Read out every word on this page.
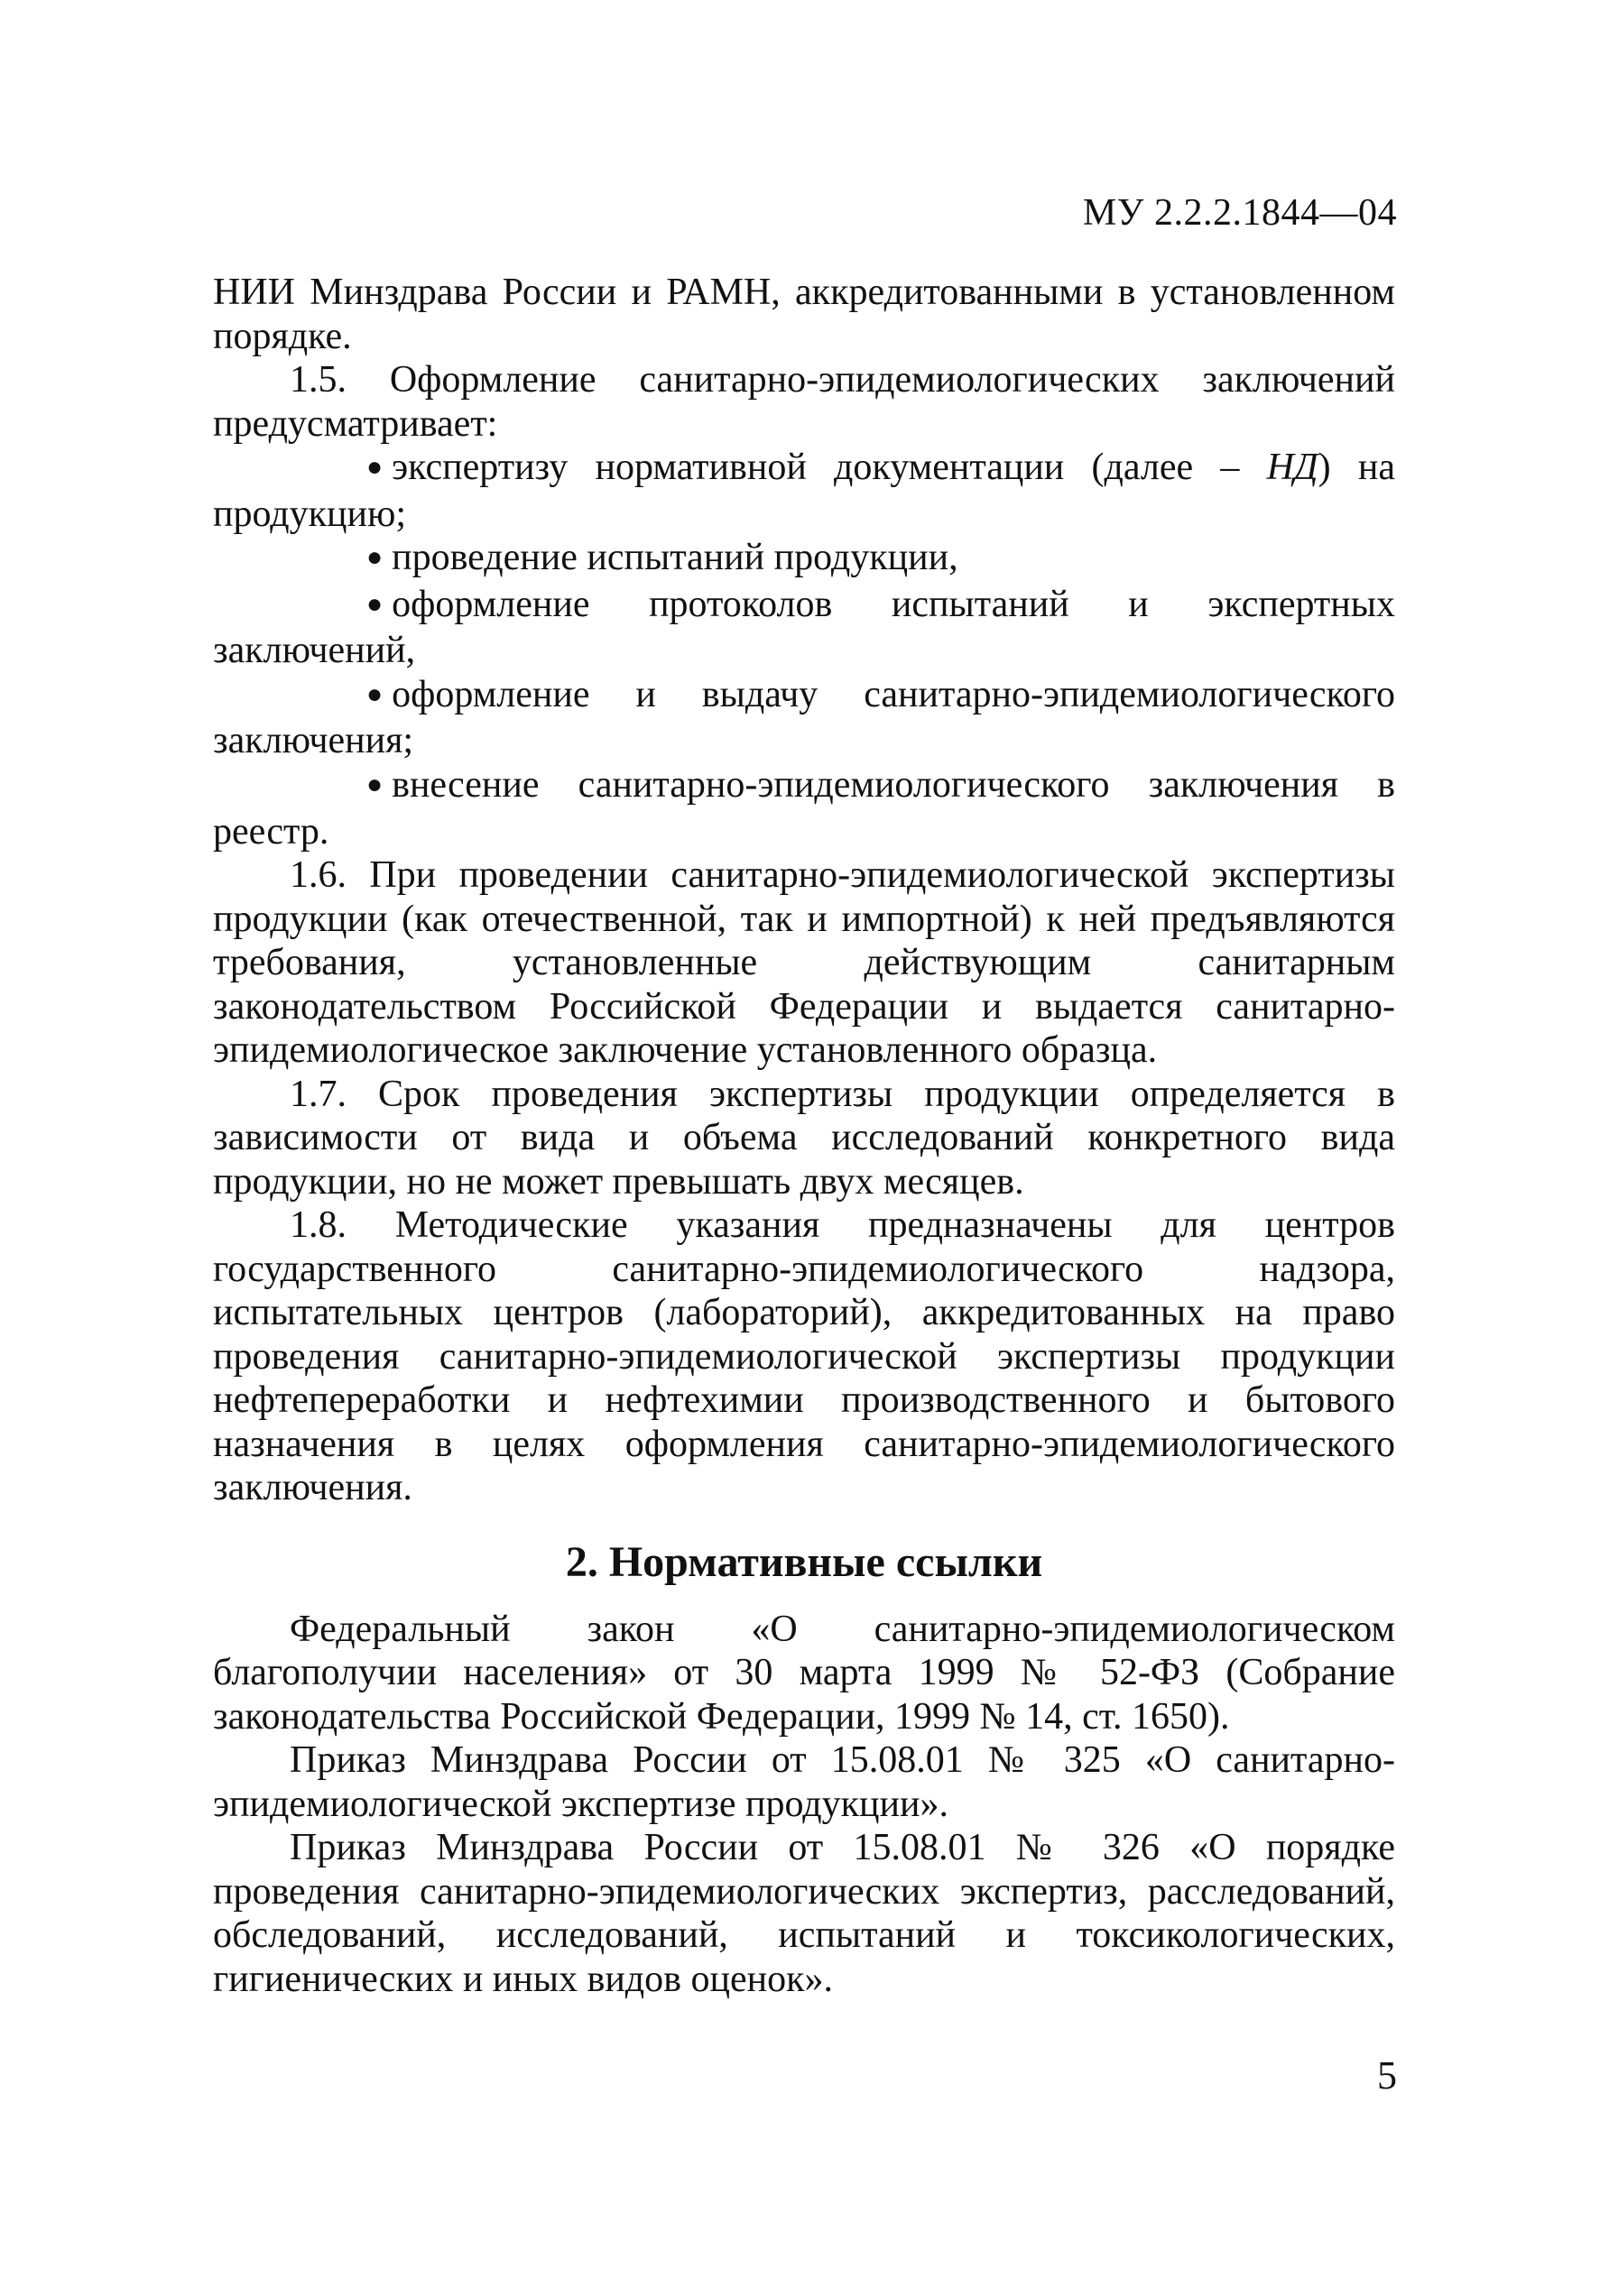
МУ 2.2.2.1844—04

НИИ Минздрава России и РАМН, аккредитованными в установленном порядке.

1.5. Оформление санитарно-эпидемиологических заключений предусматривает:

● экспертизу нормативной документации (далее – НД) на продукцию;

● проведение испытаний продукции,

● оформление протоколов испытаний и экспертных заключений,

● оформление и выдачу санитарно-эпидемиологического заключения;

● внесение санитарно-эпидемиологического заключения в реестр.

1.6. При проведении санитарно-эпидемиологической экспертизы продукции (как отечественной, так и импортной) к ней предъявляются требования, установленные действующим санитарным законодательством Российской Федерации и выдается санитарно-эпидемиологическое заключение установленного образца.

1.7. Срок проведения экспертизы продукции определяется в зависимости от вида и объема исследований конкретного вида продукции, но не может превышать двух месяцев.

1.8. Методические указания предназначены для центров государственного санитарно-эпидемиологического надзора, испытательных центров (лабораторий), аккредитованных на право проведения санитарно-эпидемиологической экспертизы продукции нефтепереработки и нефтехимии производственного и бытового назначения в целях оформления санитарно-эпидемиологического заключения.

2. Нормативные ссылки

Федеральный закон «О санитарно-эпидемиологическом благополучии населения» от 30 марта 1999 № 52-ФЗ (Собрание законодательства Российской Федерации, 1999 № 14, ст. 1650).

Приказ Минздрава России от 15.08.01 № 325 «О санитарно-эпидемиологической экспертизе продукции».

Приказ Минздрава России от 15.08.01 № 326 «О порядке проведения санитарно-эпидемиологических экспертиз, расследований, обследований, исследований, испытаний и токсикологических, гигиенических и иных видов оценок».

5
